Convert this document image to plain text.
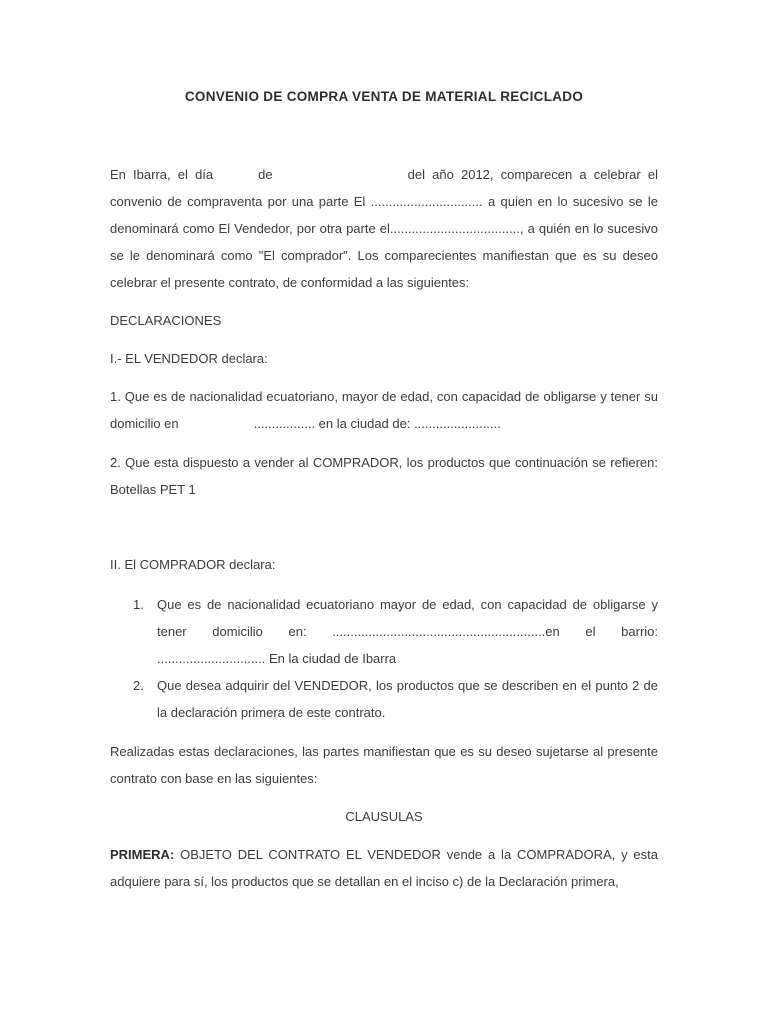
CONVENIO DE COMPRA VENTA DE MATERIAL RECICLADO

En Ibarra, el día	de	del año 2012, comparecen a celebrar el convenio de compraventa por una parte El ............................... a quien en lo sucesivo se le denominará como El Vendedor, por otra parte el...................................., a quién en lo sucesivo se le denominará como "El comprador". Los comparecientes manifiestan que es su deseo celebrar el presente contrato, de conformidad a las siguientes:

DECLARACIONES

I.- EL VENDEDOR declara:

1. Que es de nacionalidad ecuatoriano, mayor de edad, con capacidad de obligarse y tener su domicilio en	................. en la ciudad de: ........................

2. Que esta dispuesto a vender al COMPRADOR, los productos que continuación se refieren: Botellas PET 1

II. El COMPRADOR declara:

1.	Que es de nacionalidad ecuatoriano mayor de edad, con capacidad de obligarse y tener domicilio en: ...........................................................en el barrio: .............................. En la ciudad de Ibarra
2.	Que desea adquirir del VENDEDOR, los productos que se describen en el punto 2 de la declaración primera de este contrato.

Realizadas estas declaraciones, las partes manifiestan que es su deseo sujetarse al presente contrato con base en las siguientes:

CLAUSULAS

PRIMERA: OBJETO DEL CONTRATO EL VENDEDOR vende a la COMPRADORA, y esta adquiere para sí, los productos que se detallan en el inciso c) de la Declaración primera,
